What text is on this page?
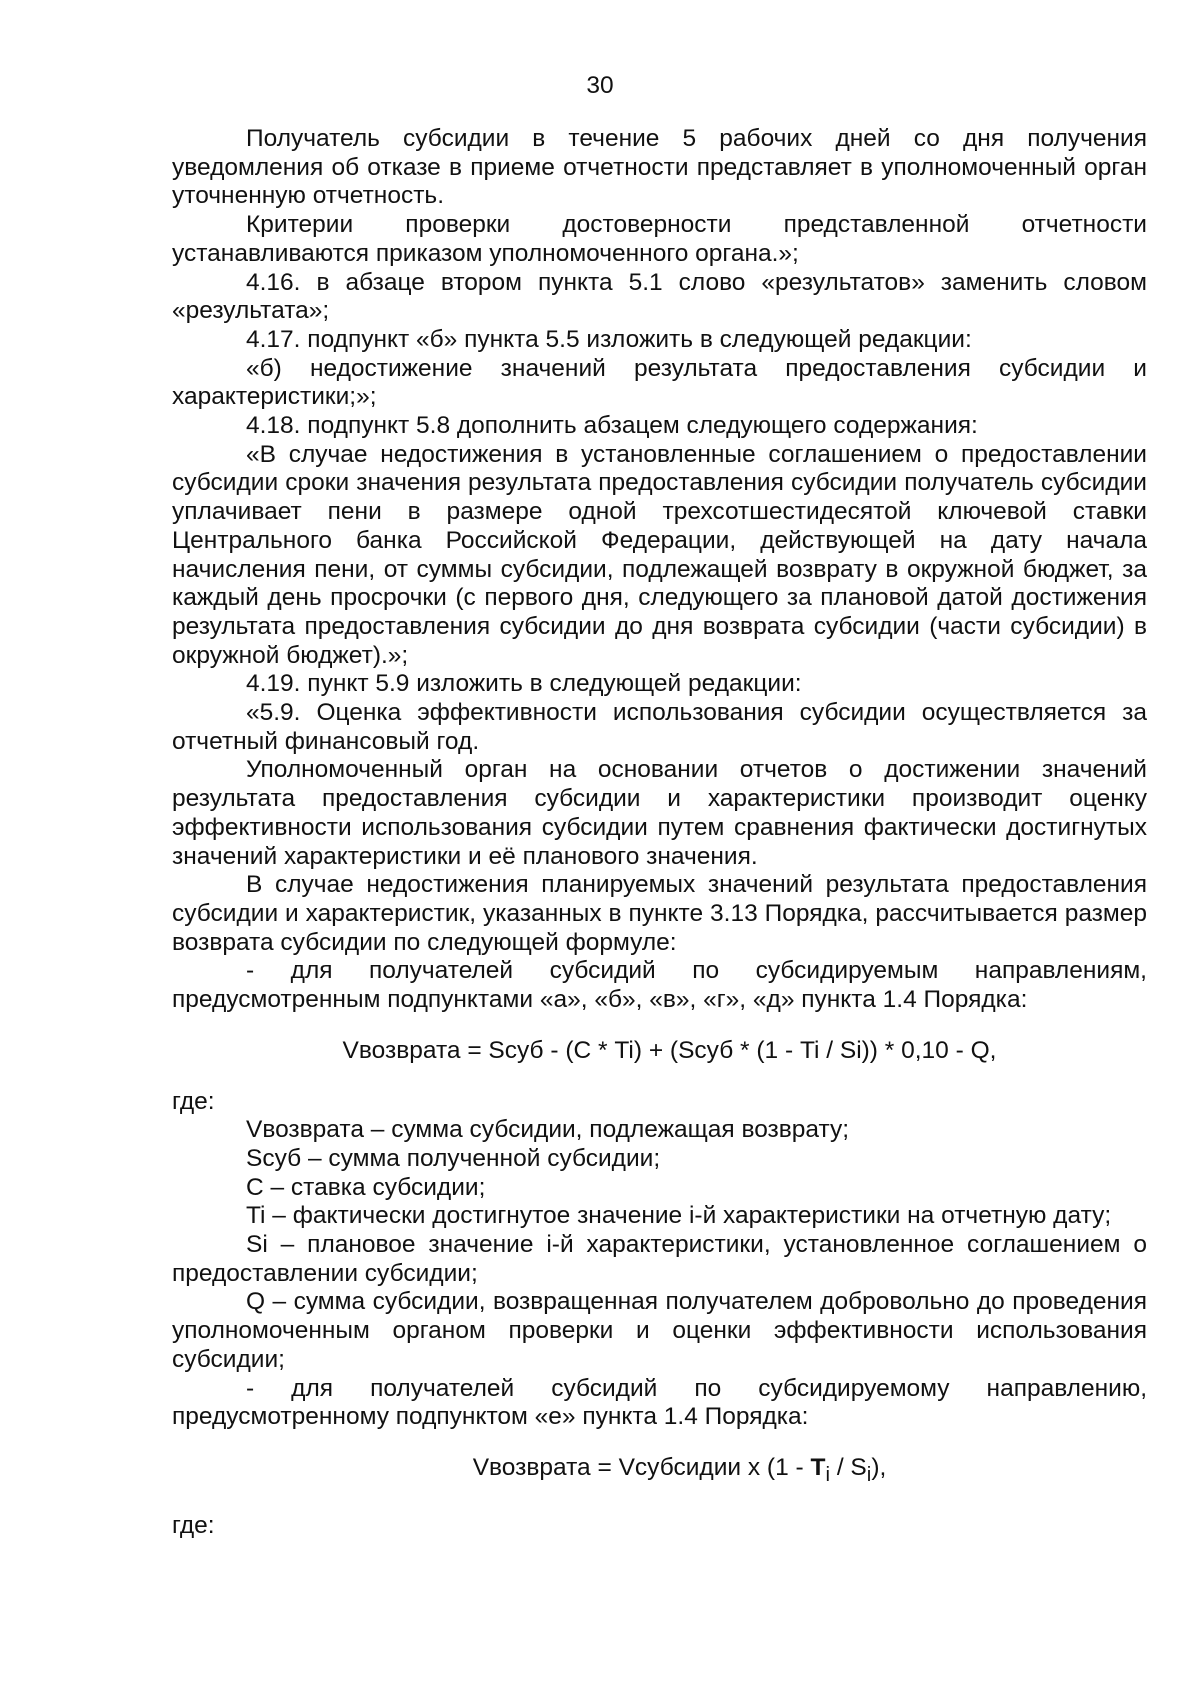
30

Получатель субсидии в течение 5 рабочих дней со дня получения уведомления об отказе в приеме отчетности представляет в уполномоченный орган уточненную отчетность.

Критерии проверки достоверности представленной отчетности устанавливаются приказом уполномоченного органа.»;

4.16. в абзаце втором пункта 5.1 слово «результатов» заменить словом «результата»;

4.17. подпункт «б» пункта 5.5 изложить в следующей редакции:

«б) недостижение значений результата предоставления субсидии и характеристики;»;

4.18. подпункт 5.8 дополнить абзацем следующего содержания:

«В случае недостижения в установленные соглашением о предоставлении субсидии сроки значения результата предоставления субсидии получатель субсидии уплачивает пени в размере одной трехсотшестидесятой ключевой ставки Центрального банка Российской Федерации, действующей на дату начала начисления пени, от суммы субсидии, подлежащей возврату в окружной бюджет, за каждый день просрочки (с первого дня, следующего за плановой датой достижения результата предоставления субсидии до дня возврата субсидии (части субсидии) в окружной бюджет).»;

4.19. пункт 5.9 изложить в следующей редакции:

«5.9. Оценка эффективности использования субсидии осуществляется за отчетный финансовый год.

Уполномоченный орган на основании отчетов о достижении значений результата предоставления субсидии и характеристики производит оценку эффективности использования субсидии путем сравнения фактически достигнутых значений характеристики и её планового значения.

В случае недостижения планируемых значений результата предоставления субсидии и характеристик, указанных в пункте 3.13 Порядка, рассчитывается размер возврата субсидии по следующей формуле:

- для получателей субсидий по субсидируемым направлениям, предусмотренным подпунктами «а», «б», «в», «г», «д» пункта 1.4 Порядка:

Vвозврата = Sсуб - (С * Ti) + (Sсуб * (1 - Ti / Si)) * 0,10 - Q,

где:

Vвозврата – сумма субсидии, подлежащая возврату;

Sсуб – сумма полученной субсидии;

С – ставка субсидии;

Ti – фактически достигнутое значение i-й характеристики на отчетную дату;

Si – плановое значение i-й характеристики, установленное соглашением о предоставлении субсидии;

Q – сумма субсидии, возвращенная получателем добровольно до проведения уполномоченным органом проверки и оценки эффективности использования субсидии;

- для получателей субсидий по субсидируемому направлению, предусмотренному подпунктом «е» пункта 1.4 Порядка:

Vвозврата = Vсубсидии x $(1 - T_i / S_i)$,

где:
